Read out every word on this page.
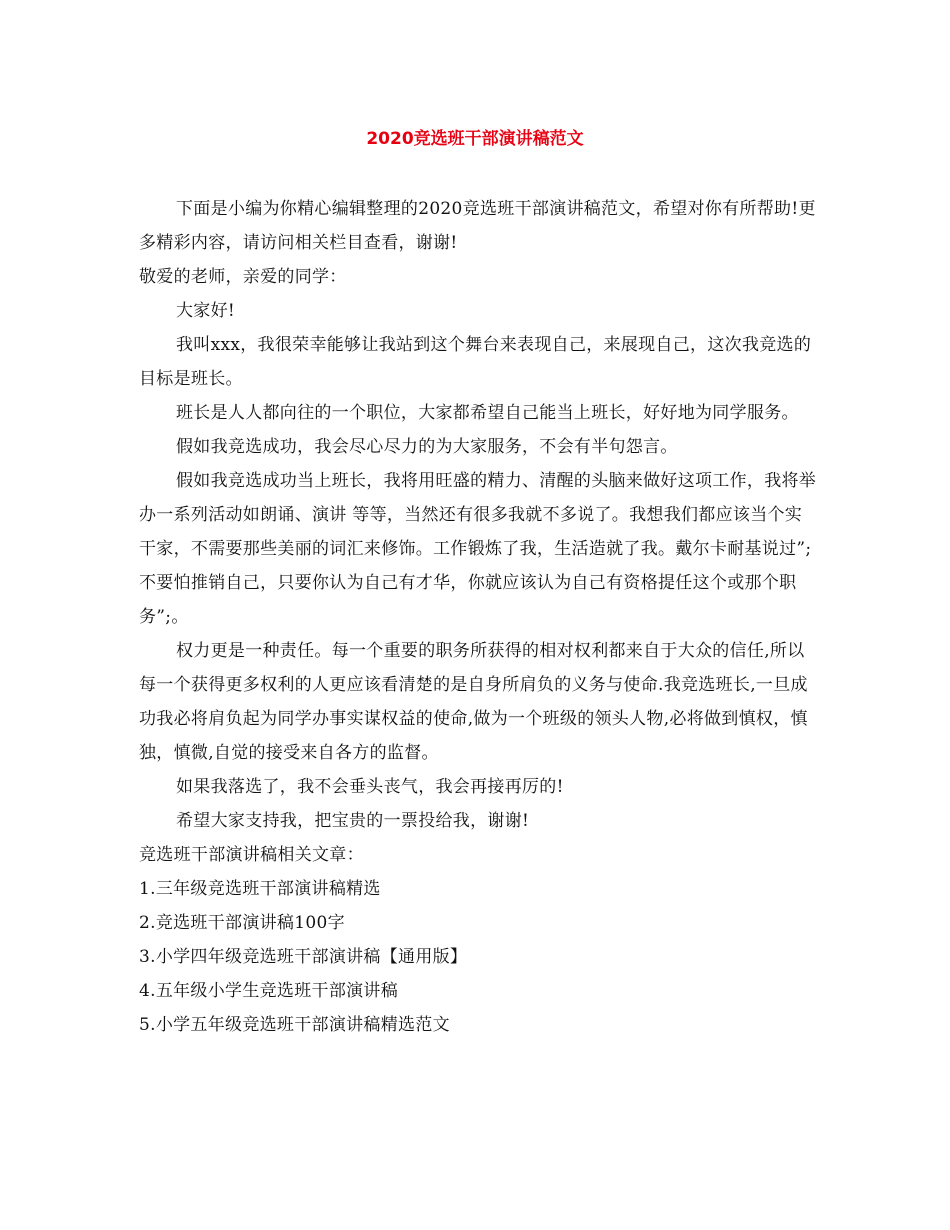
2020竞选班干部演讲稿范文

下面是小编为你精心编辑整理的2020竞选班干部演讲稿范文，希望对你有所帮助!更多精彩内容，请访问相关栏目查看，谢谢!

敬爱的老师，亲爱的同学：

大家好!

我叫xxx，我很荣幸能够让我站到这个舞台来表现自己，来展现自己，这次我竞选的目标是班长。

班长是人人都向往的一个职位，大家都希望自己能当上班长，好好地为同学服务。

假如我竞选成功，我会尽心尽力的为大家服务，不会有半句怨言。

假如我竞选成功当上班长，我将用旺盛的精力、清醒的头脑来做好这项工作，我将举办一系列活动如朗诵、演讲 等等，当然还有很多我就不多说了。我想我们都应该当个实干家，不需要那些美丽的词汇来修饰。工作锻炼了我，生活造就了我。戴尔卡耐基说过”;不要怕推销自己，只要你认为自己有才华，你就应该认为自己有资格提任这个或那个职务”;。

权力更是一种责任。每一个重要的职务所获得的相对权利都来自于大众的信任,所以每一个获得更多权利的人更应该看清楚的是自身所肩负的义务与使命.我竞选班长,一旦成功我必将肩负起为同学办事实谋权益的使命,做为一个班级的领头人物,必将做到慎权，慎独，慎微,自觉的接受来自各方的监督。

如果我落选了，我不会垂头丧气，我会再接再厉的!

希望大家支持我，把宝贵的一票投给我，谢谢!

竞选班干部演讲稿相关文章：

1.三年级竞选班干部演讲稿精选
2.竞选班干部演讲稿100字
3.小学四年级竞选班干部演讲稿【通用版】
4.五年级小学生竞选班干部演讲稿
5.小学五年级竞选班干部演讲稿精选范文
